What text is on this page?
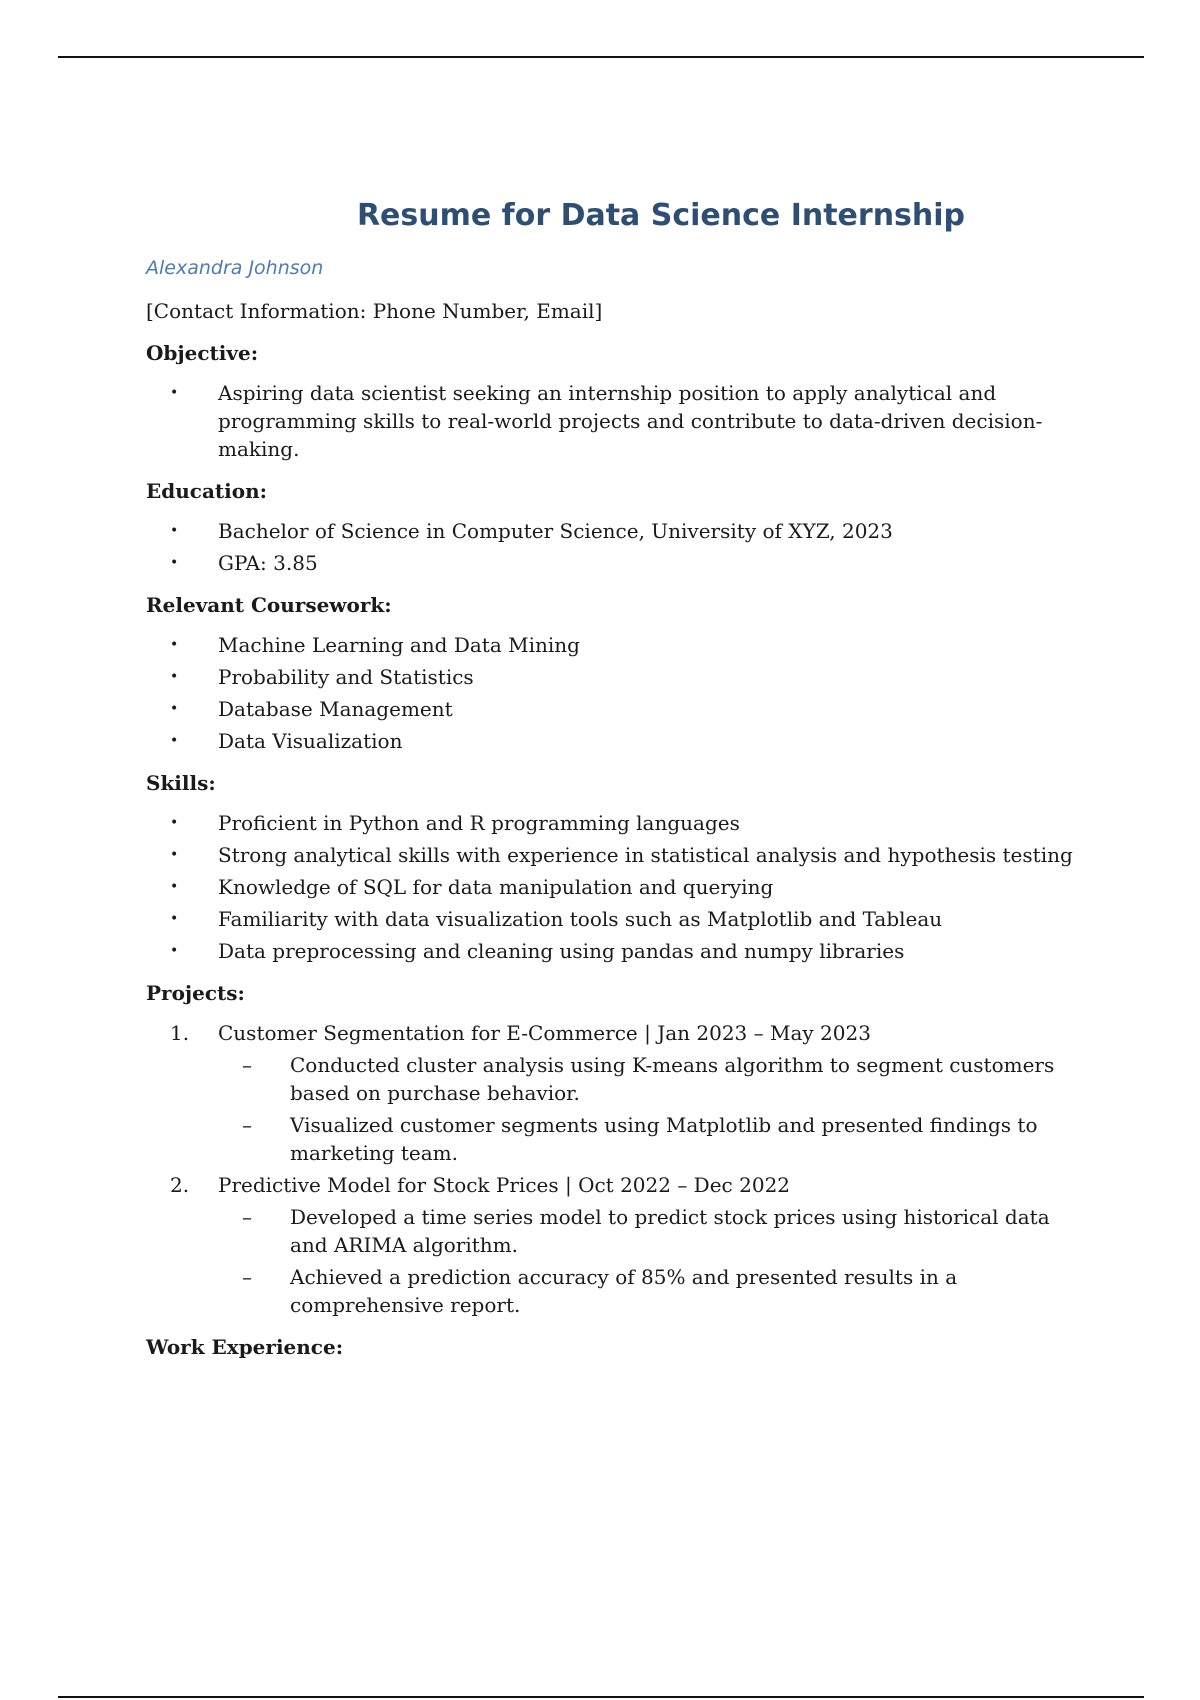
Resume for Data Science Internship
Alexandra Johnson
[Contact Information: Phone Number, Email]
Objective:
• Aspiring data scientist seeking an internship position to apply analytical and programming skills to real-world projects and contribute to data-driven decision-making.
Education:
• Bachelor of Science in Computer Science, University of XYZ, 2023
• GPA: 3.85
Relevant Coursework:
• Machine Learning and Data Mining
• Probability and Statistics
• Database Management
• Data Visualization
Skills:
• Proficient in Python and R programming languages
• Strong analytical skills with experience in statistical analysis and hypothesis testing
• Knowledge of SQL for data manipulation and querying
• Familiarity with data visualization tools such as Matplotlib and Tableau
• Data preprocessing and cleaning using pandas and numpy libraries
Projects:
1. Customer Segmentation for E-Commerce | Jan 2023 – May 2023
– Conducted cluster analysis using K-means algorithm to segment customers based on purchase behavior.
– Visualized customer segments using Matplotlib and presented findings to marketing team.
2. Predictive Model for Stock Prices | Oct 2022 – Dec 2022
– Developed a time series model to predict stock prices using historical data and ARIMA algorithm.
– Achieved a prediction accuracy of 85% and presented results in a comprehensive report.
Work Experience:
